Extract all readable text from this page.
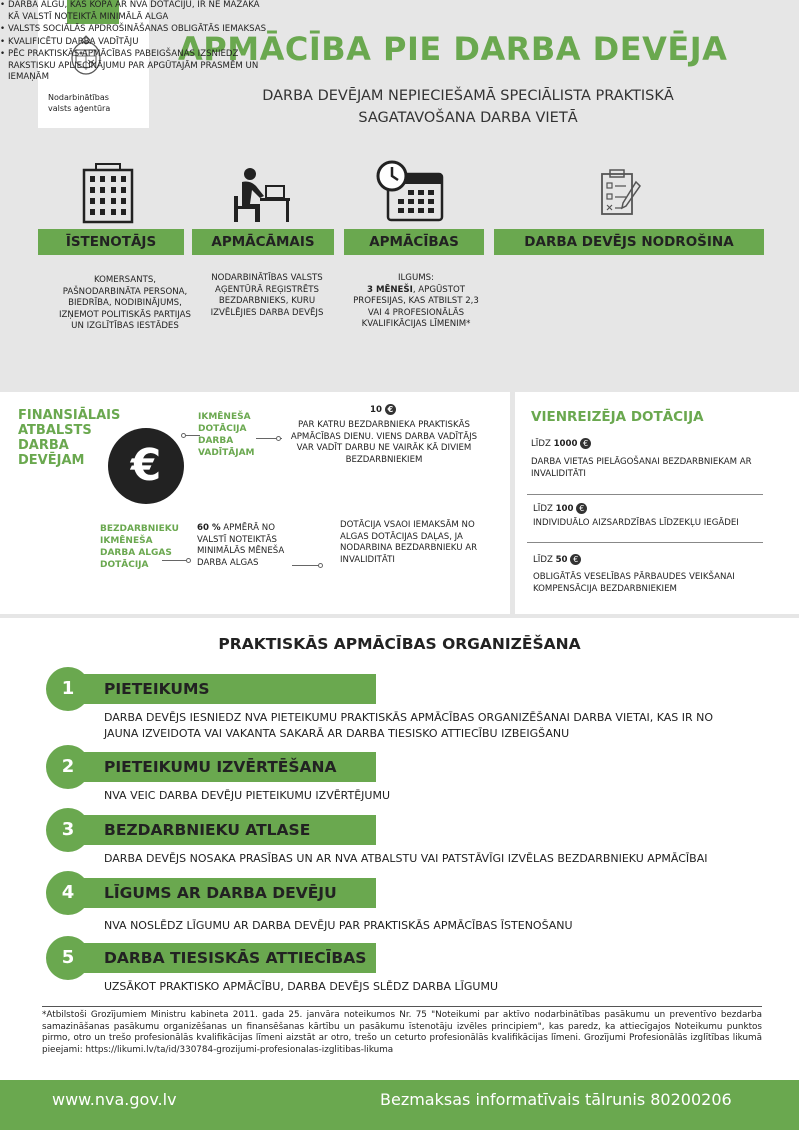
Nodarbinātības
valsts aģentūra
APMĀCĪBA PIE DARBA DEVĒJA
DARBA DEVĒJAM NEPIECIEŠAMĀ SPECIĀLISTA PRAKTISKĀ
SAGATAVOŠANA DARBA VIETĀ
ĪSTENOTĀJS	APMĀCĀMAIS	APMĀCĪBAS	DARBA DEVĒJS NODROŠINA
KOMERSANTS, PAŠNODARBINĀTA PERSONA, BIEDRĪBA, NODIBINĀJUMS, IZŅEMOT POLITISKĀS PARTIJAS UN IZGLĪTĪBAS IESTĀDES
NODARBINĀTĪBAS VALSTS AĢENTŪRĀ REĢISTRĒTS BEZDARBNIEKS, KURU IZVĒLĒJIES DARBA DEVĒJS
ILGUMS:
3 MĒNEŠI, APGŪSTOT PROFESIJAS, KAS ATBILST 2,3 VAI 4 PROFESIONĀLĀS KVALIFIKĀCIJAS LĪMENIM*
• DARBA ALGU, KAS KOPĀ AR NVA DOTĀCIJU, IR NE MAZĀKA KĀ VALSTĪ NOTEIKTĀ MINIMĀLĀ ALGA
• VALSTS SOCIĀLĀS APDROŠINĀŠANAS OBLIGĀTĀS IEMAKSAS
• KVALIFICĒTU DARBA VADĪTĀJU
• PĒC PRAKTISKĀS APMĀCĪBAS PABEIGŠANAS IZSNIEDZ RAKSTISKU APLIECINĀJUMU PAR APGŪTAJĀM PRASMĒM UN IEMAŅĀM
FINANSIĀLAIS ATBALSTS DARBA DEVĒJAM	€
IKMĒNEŠA DOTĀCIJA DARBA VADĪTĀJAM
10 €
PAR KATRU BEZDARBNIEKA PRAKTISKĀS APMĀCĪBAS DIENU. VIENS DARBA VADĪTĀJS VAR VADĪT DARBU NE VAIRĀK KĀ DIVIEM BEZDARBNIEKIEM
BEZDARBNIEKU IKMĒNEŠA DARBA ALGAS DOTĀCIJA
60 % APMĒRĀ NO VALSTĪ NOTEIKTĀS MINIMĀLĀS MĒNEŠA DARBA ALGAS
DOTĀCIJA VSAOI IEMAKSĀM NO ALGAS DOTĀCIJAS DAĻAS, JA NODARBINA BEZDARBNIEKU AR INVALIDITĀTI
VIENREIZĒJA DOTĀCIJA
LĪDZ 1000 €
DARBA VIETAS PIELĀGOŠANAI BEZDARBNIEKAM AR INVALIDITĀTI
LĪDZ 100 €
INDIVIDUĀLO AIZSARDZĪBAS LĪDZEKĻU IEGĀDEI
LĪDZ 50 €
OBLIGĀTĀS VESELĪBAS PĀRBAUDES VEIKŠANAI KOMPENSĀCIJA BEZDARBNIEKIEM
PRAKTISKĀS APMĀCĪBAS ORGANIZĒŠANA
1	PIETEIKUMS
DARBA DEVĒJS IESNIEDZ NVA PIETEIKUMU PRAKTISKĀS APMĀCĪBAS ORGANIZĒŠANAI DARBA VIETAI, KAS IR NO JAUNA IZVEIDOTA VAI VAKANTA SAKARĀ AR DARBA TIESISKO ATTIECĪBU IZBEIGŠANU
2	PIETEIKUMU IZVĒRTĒŠANA
NVA VEIC DARBA DEVĒJU PIETEIKUMU IZVĒRTĒJUMU
3	BEZDARBNIEKU ATLASE
DARBA DEVĒJS NOSAKA PRASĪBAS UN AR NVA ATBALSTU VAI PATSTĀVĪGI IZVĒLAS BEZDARBNIEKU APMĀCĪBAI
4	LĪGUMS AR DARBA DEVĒJU
NVA NOSLĒDZ LĪGUMU AR DARBA DEVĒJU PAR PRAKTISKĀS APMĀCĪBAS ĪSTENOŠANU
5	DARBA TIESISKĀS ATTIECĪBAS
UZSĀKOT PRAKTISKO APMĀCĪBU, DARBA DEVĒJS SLĒDZ DARBA LĪGUMU
*Atbilstoši Grozījumiem Ministru kabineta 2011. gada 25. janvāra noteikumos Nr. 75 "Noteikumi par aktīvo nodarbinātības pasākumu un preventīvo bezdarba samazināšanas pasākumu organizēšanas un finansēšanas kārtību un pasākumu īstenotāju izvēles principiem", kas paredz, ka attiecīgajos Noteikumu punktos pirmo, otro un trešo profesionālās kvalifikācijas līmeni aizstāt ar otro, trešo un ceturto profesionālās kvalifikācijas līmeni. Grozījumi Profesionālās izglītības likumā pieejami: https://likumi.lv/ta/id/330784-grozijumi-profesionalas-izglitibas-likuma
www.nva.gov.lv	Bezmaksas informatīvais tālrunis 80200206
